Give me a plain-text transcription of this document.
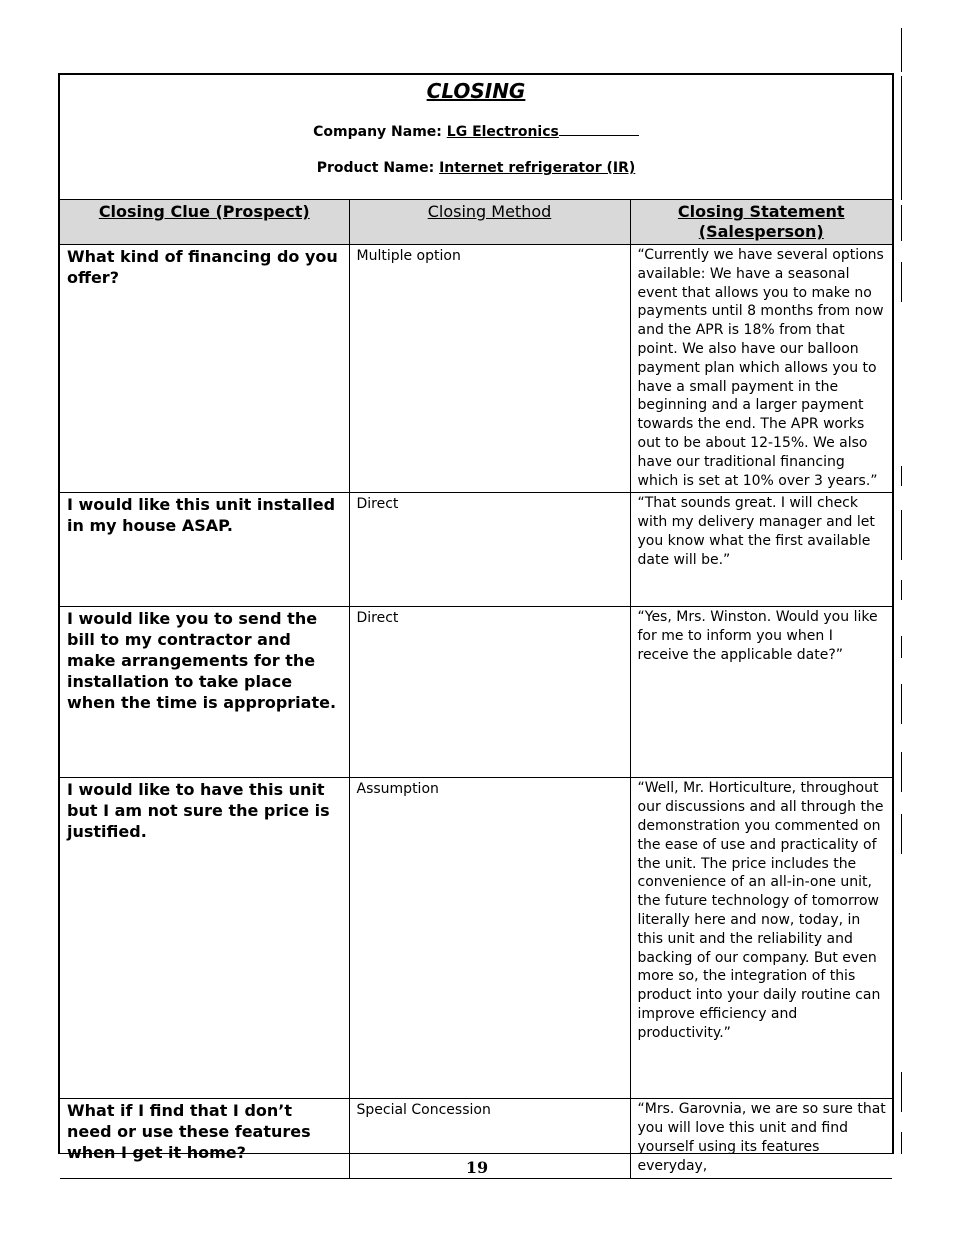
CLOSING
Company Name: LG Electronics
Product Name: Internet refrigerator (IR)
Closing Clue (Prospect)	Closing Method	Closing Statement (Salesperson)
What kind of financing do you offer?	Multiple option	“Currently we have several options available: We have a seasonal event that allows you to make no payments until 8 months from now and the APR is 18% from that point. We also have our balloon payment plan which allows you to have a small payment in the beginning and a larger payment towards the end. The APR works out to be about 12-15%. We also have our traditional financing which is set at 10% over 3 years.”
I would like this unit installed in my house ASAP.	Direct	“That sounds great. I will check with my delivery manager and let you know what the first available date will be.”
I would like you to send the bill to my contractor and make arrangements for the installation to take place when the time is appropriate.	Direct	“Yes, Mrs. Winston. Would you like for me to inform you when I receive the applicable date?”
I would like to have this unit but I am not sure the price is justified.	Assumption	“Well, Mr. Horticulture, throughout our discussions and all through the demonstration you commented on the ease of use and practicality of the unit. The price includes the convenience of an all-in-one unit, the future technology of tomorrow literally here and now, today, in this unit and the reliability and backing of our company. But even more so, the integration of this product into your daily routine can improve efficiency and productivity.”
What if I find that I don’t need or use these features when I get it home?	Special Concession	“Mrs. Garovnia, we are so sure that you will love this unit and find yourself using its features everyday,
19
